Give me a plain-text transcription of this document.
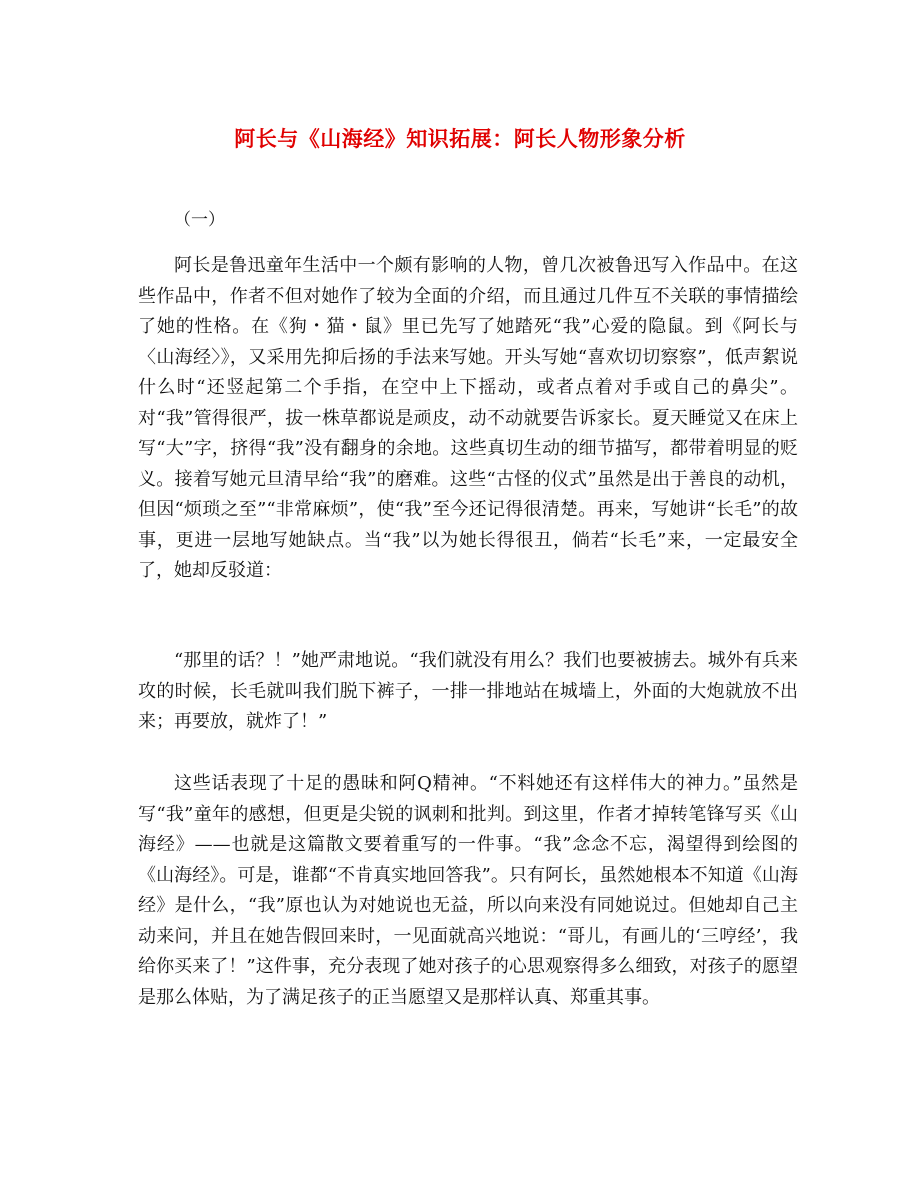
阿长与《山海经》知识拓展：阿长人物形象分析
（一）
阿长是鲁迅童年生活中一个颇有影响的人物，曾几次被鲁迅写入作品中。在这些作品中，作者不但对她作了较为全面的介绍，而且通过几件互不关联的事情描绘了她的性格。在《狗・猫・鼠》里已先写了她踏死“我”心爱的隐鼠。到《阿长与〈山海经〉》，又采用先抑后扬的手法来写她。开头写她“喜欢切切察察”，低声絮说什么时“还竖起第二个手指，在空中上下摇动，或者点着对手或自己的鼻尖”。对“我”管得很严，拔一株草都说是顽皮，动不动就要告诉家长。夏天睡觉又在床上写“大”字，挤得“我”没有翻身的余地。这些真切生动的细节描写，都带着明显的贬义。接着写她元旦清早给“我”的磨难。这些“古怪的仪式”虽然是出于善良的动机，但因“烦琐之至”“非常麻烦”，使“我”至今还记得很清楚。再来，写她讲“长毛”的故事，更进一层地写她缺点。当“我”以为她长得很丑，倘若“长毛”来，一定最安全了，她却反驳道：
“那里的话？！”她严肃地说。“我们就没有用么？我们也要被掳去。城外有兵来攻的时候，长毛就叫我们脱下裤子，一排一排地站在城墙上，外面的大炮就放不出来；再要放，就炸了！”
这些话表现了十足的愚昧和阿Q精神。“不料她还有这样伟大的神力。”虽然是写“我”童年的感想，但更是尖锐的讽刺和批判。到这里，作者才掉转笔锋写买《山海经》——也就是这篇散文要着重写的一件事。“我”念念不忘，渴望得到绘图的《山海经》。可是，谁都“不肯真实地回答我”。只有阿长，虽然她根本不知道《山海经》是什么，“我”原也认为对她说也无益，所以向来没有同她说过。但她却自己主动来问，并且在她告假回来时，一见面就高兴地说：“哥儿，有画儿的‘三哼经’，我给你买来了！”这件事，充分表现了她对孩子的心思观察得多么细致，对孩子的愿望是那么体贴，为了满足孩子的正当愿望又是那样认真、郑重其事。
